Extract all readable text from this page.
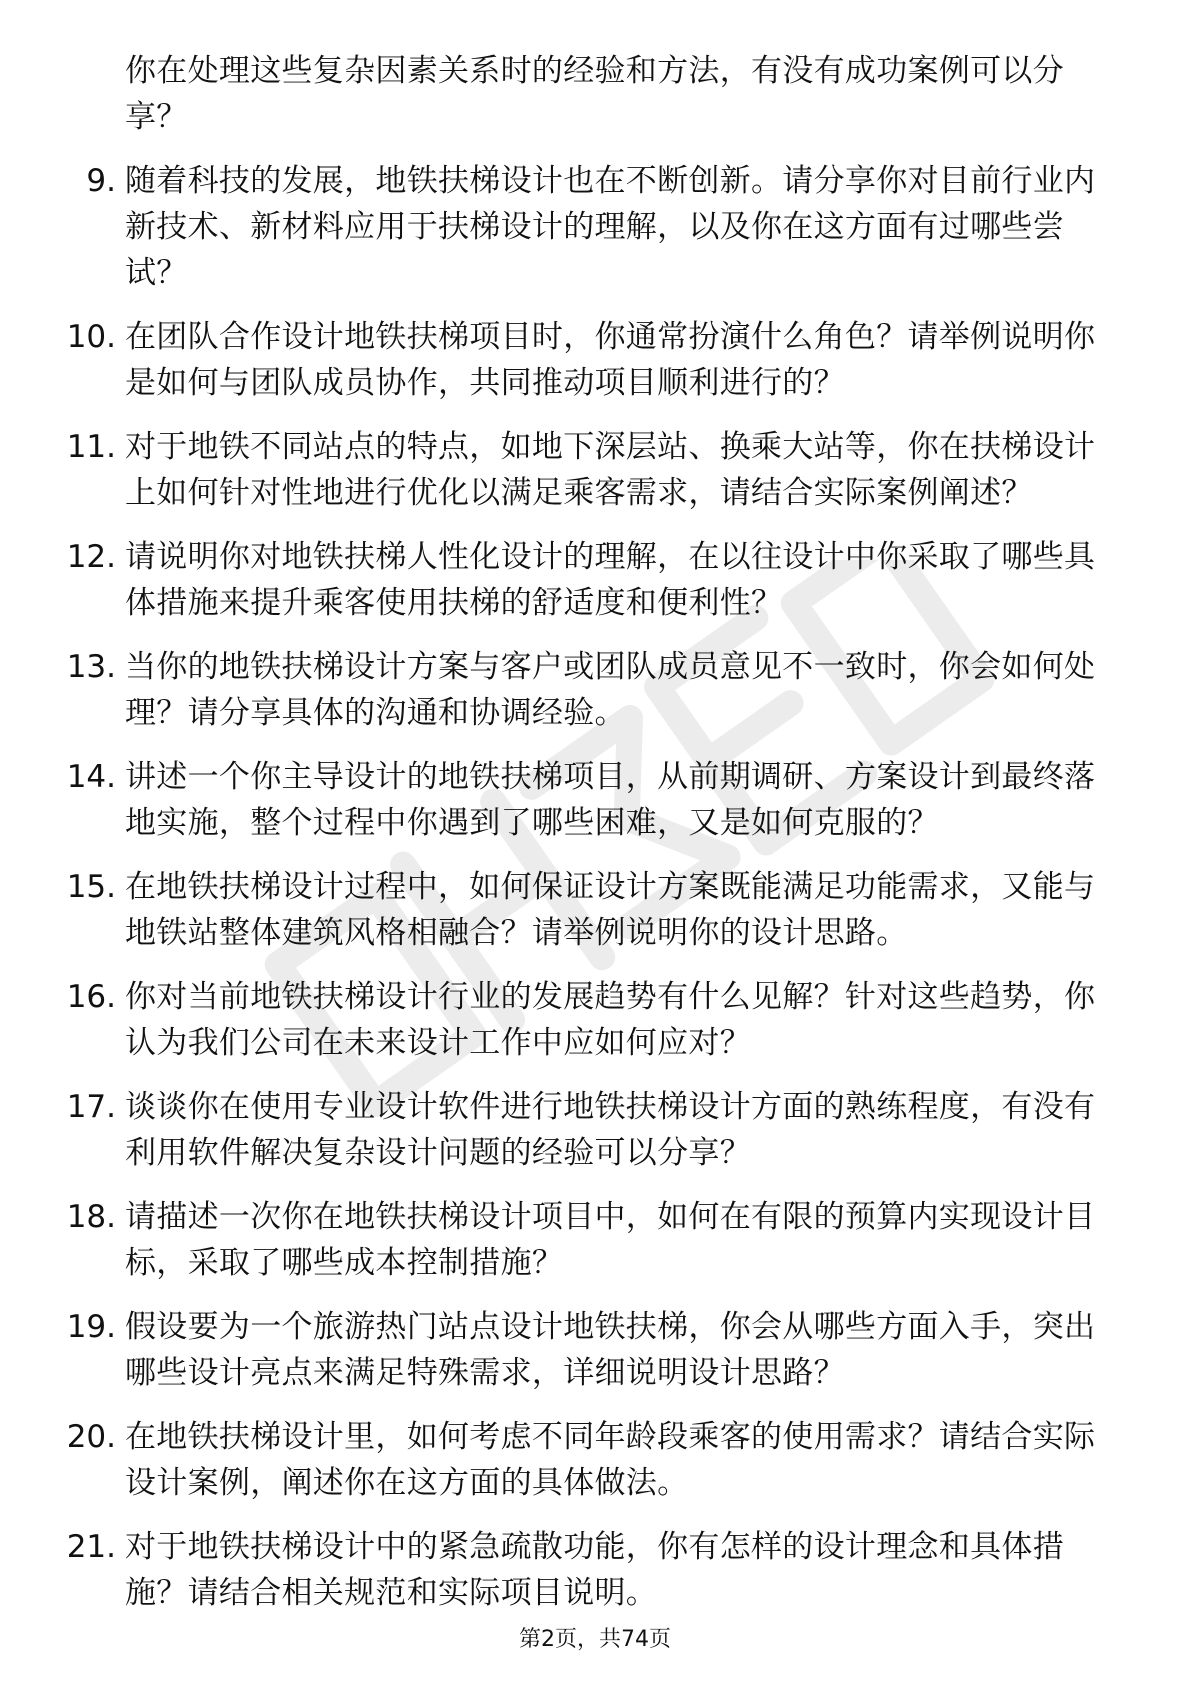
你在处理这些复杂因素关系时的经验和方法，有没有成功案例可以分享？
9. 随着科技的发展，地铁扶梯设计也在不断创新。请分享你对目前行业内新技术、新材料应用于扶梯设计的理解，以及你在这方面有过哪些尝试？
10. 在团队合作设计地铁扶梯项目时，你通常扮演什么角色？请举例说明你是如何与团队成员协作，共同推动项目顺利进行的？
11. 对于地铁不同站点的特点，如地下深层站、换乘大站等，你在扶梯设计上如何针对性地进行优化以满足乘客需求，请结合实际案例阐述？
12. 请说明你对地铁扶梯人性化设计的理解，在以往设计中你采取了哪些具体措施来提升乘客使用扶梯的舒适度和便利性？
13. 当你的地铁扶梯设计方案与客户或团队成员意见不一致时，你会如何处理？请分享具体的沟通和协调经验。
14. 讲述一个你主导设计的地铁扶梯项目，从前期调研、方案设计到最终落地实施，整个过程中你遇到了哪些困难，又是如何克服的？
15. 在地铁扶梯设计过程中，如何保证设计方案既能满足功能需求，又能与地铁站整体建筑风格相融合？请举例说明你的设计思路。
16. 你对当前地铁扶梯设计行业的发展趋势有什么见解？针对这些趋势，你认为我们公司在未来设计工作中应如何应对？
17. 谈谈你在使用专业设计软件进行地铁扶梯设计方面的熟练程度，有没有利用软件解决复杂设计问题的经验可以分享？
18. 请描述一次你在地铁扶梯设计项目中，如何在有限的预算内实现设计目标，采取了哪些成本控制措施？
19. 假设要为一个旅游热门站点设计地铁扶梯，你会从哪些方面入手，突出哪些设计亮点来满足特殊需求，详细说明设计思路？
20. 在地铁扶梯设计里，如何考虑不同年龄段乘客的使用需求？请结合实际设计案例，阐述你在这方面的具体做法。
21. 对于地铁扶梯设计中的紧急疏散功能，你有怎样的设计理念和具体措施？请结合相关规范和实际项目说明。
第2页，共74页
